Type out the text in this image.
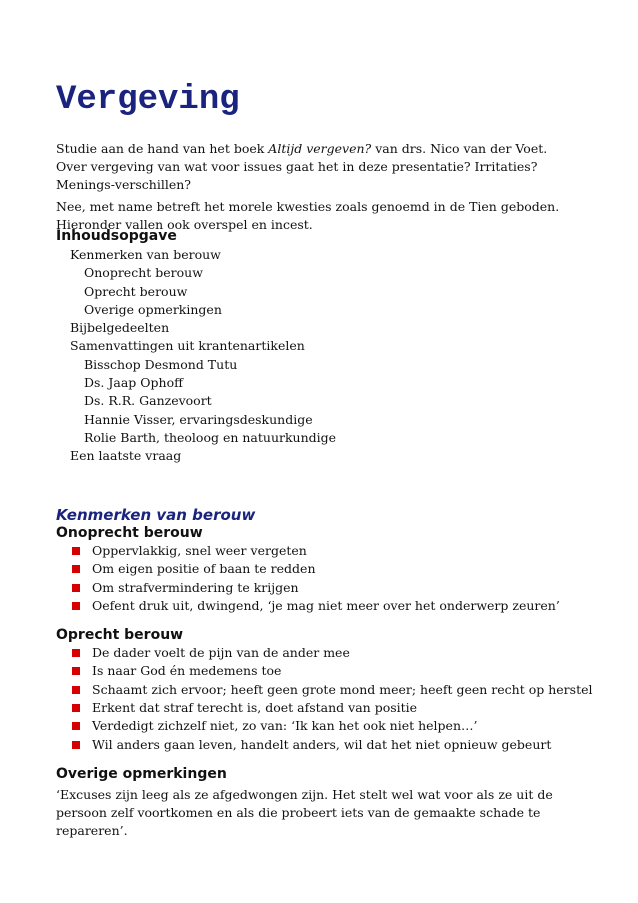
Vergeving

Studie aan de hand van het boek Altijd vergeven? van drs. Nico van der Voet.

Over vergeving van wat voor issues gaat het in deze presentatie? Irritaties? Menings-verschillen?

Nee, met name betreft het morele kwesties zoals genoemd in de Tien geboden. Hieronder vallen ook overspel en incest.

Inhoudsopgave
Kenmerken van berouw
Onoprecht berouw
Oprecht berouw
Overige opmerkingen
Bijbelgedeelten
Samenvattingen uit krantenartikelen
Bisschop Desmond Tutu
Ds. Jaap Ophoff
Ds. R.R. Ganzevoort
Hannie Visser, ervaringsdeskundige
Rolie Barth, theoloog en natuurkundige
Een laatste vraag
Kenmerken van berouw
Onoprecht berouw
Oppervlakkig, snel weer vergeten
Om eigen positie of baan te redden
Om strafvermindering te krijgen
Oefent druk uit, dwingend, ‘je mag niet meer over het onderwerp zeuren’
Oprecht berouw
De dader voelt de pijn van de ander mee
Is naar God én medemens toe
Schaamt zich ervoor; heeft geen grote mond meer; heeft geen recht op herstel
Erkent dat straf terecht is, doet afstand van positie
Verdedigt zichzelf niet, zo van: ‘Ik kan het ook niet helpen…’
Wil anders gaan leven, handelt anders, wil dat het niet opnieuw gebeurt
Overige opmerkingen

‘Excuses zijn leeg als ze afgedwongen zijn. Het stelt wel wat voor als ze uit de persoon zelf voortkomen en als die probeert iets van de gemaakte schade te repareren’.
